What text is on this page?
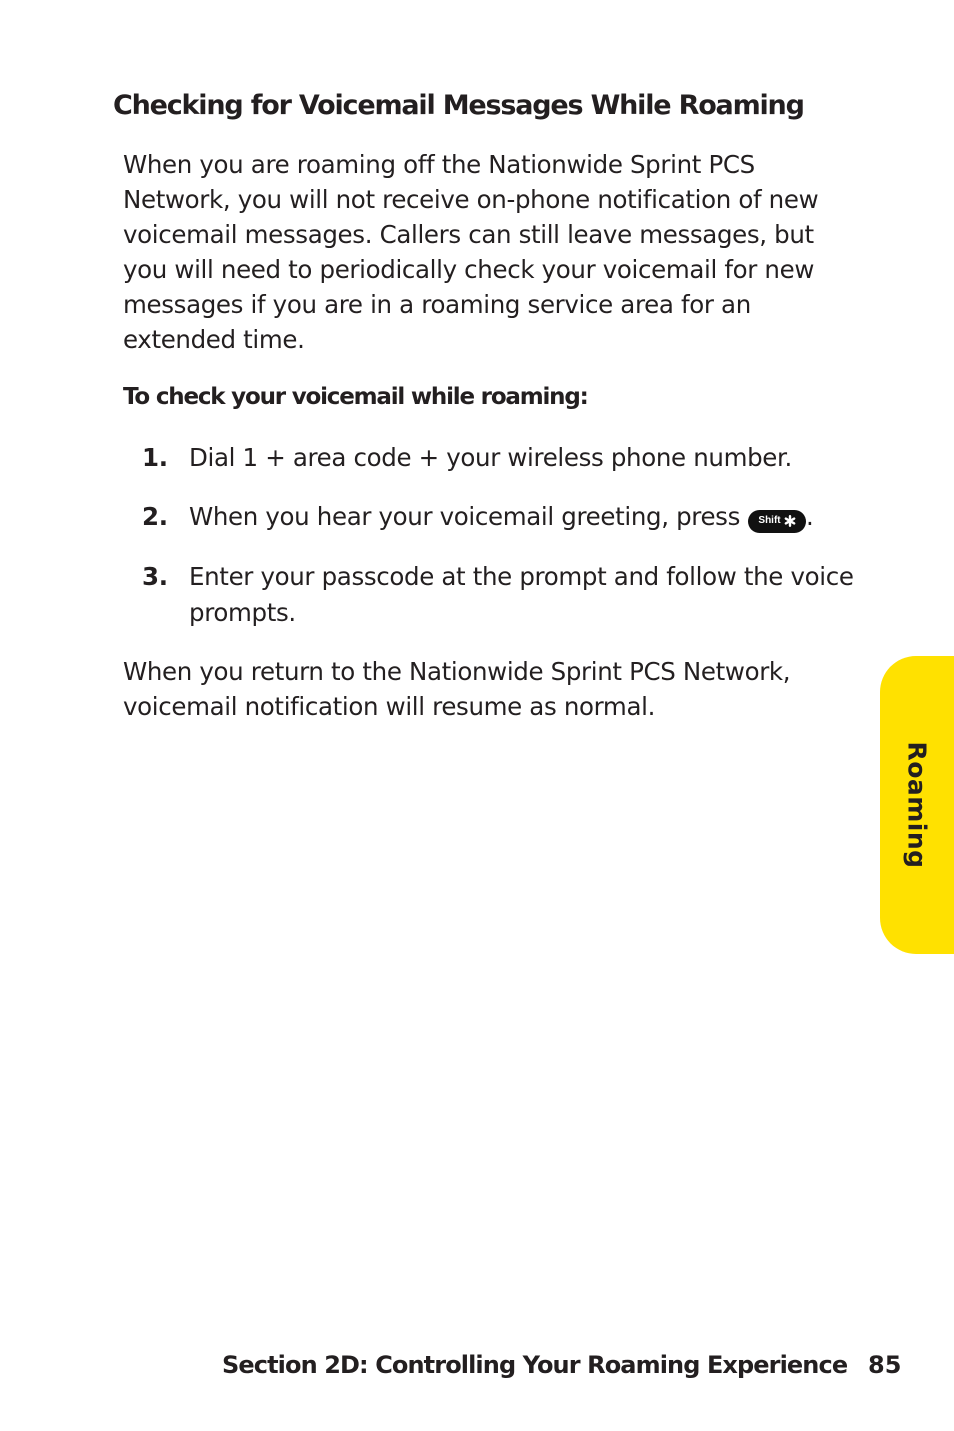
Checking for Voicemail Messages While Roaming

When you are roaming off the Nationwide Sprint PCS Network, you will not receive on-phone notification of new voicemail messages. Callers can still leave messages, but you will need to periodically check your voicemail for new messages if you are in a roaming service area for an extended time.

To check your voicemail while roaming:
1. Dial 1 + area code + your wireless phone number.
2. When you hear your voicemail greeting, press Shift .
3. Enter your passcode at the prompt and follow the voice prompts.

When you return to the Nationwide Sprint PCS Network, voicemail notification will resume as normal.

Roaming

Section 2D: Controlling Your Roaming Experience 85
